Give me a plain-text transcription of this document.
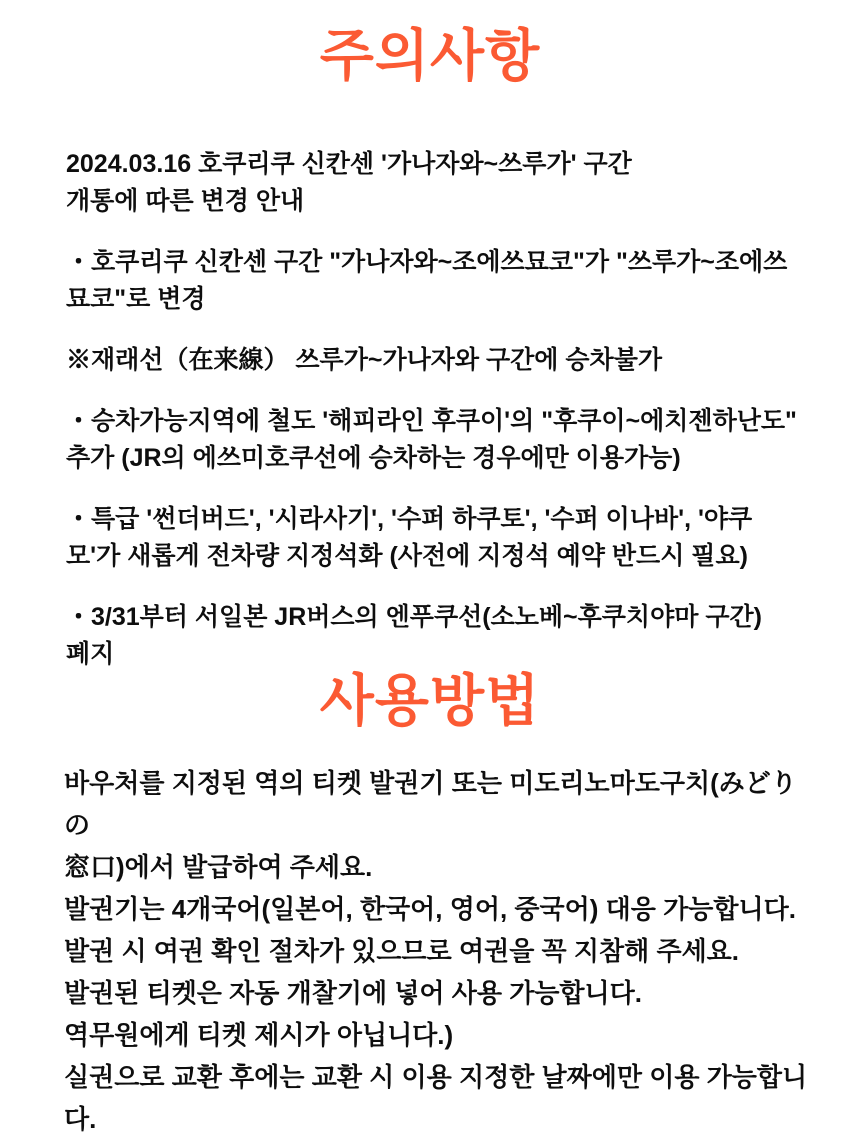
주의사항

2024.03.16 호쿠리쿠 신칸센 '가나자와~쓰루가' 구간
개통에 따른 변경 안내

・호쿠리쿠 신칸센 구간 "가나자와~조에쓰묘코"가 "쓰루가~조에쓰
묘코"로 변경

※재래선（在来線） 쓰루가~가나자와 구간에 승차불가

・승차가능지역에 철도 '해피라인 후쿠이'의 "후쿠이~에치젠하난도"
추가 (JR의 에쓰미호쿠선에 승차하는 경우에만 이용가능)

・특급 '썬더버드', '시라사기', '수퍼 하쿠토', '수퍼 이나바', '야쿠
모'가 새롭게 전차량 지정석화 (사전에 지정석 예약 반드시 필요)

・3/31부터 서일본 JR버스의 엔푸쿠선(소노베~후쿠치야마 구간)
폐지

사용방법
바우처를 지정된 역의 티켓 발권기 또는 미도리노마도구치(みどりの
窓口)에서 발급하여 주세요.
발권기는 4개국어(일본어, 한국어, 영어, 중국어) 대응 가능합니다.
발권 시 여권 확인 절차가 있으므로 여권을 꼭 지참해 주세요.
발권된 티켓은 자동 개찰기에 넣어 사용 가능합니다.
역무원에게 티켓 제시가 아닙니다.)
실권으로 교환 후에는 교환 시 이용 지정한 날짜에만 이용 가능합니다.
